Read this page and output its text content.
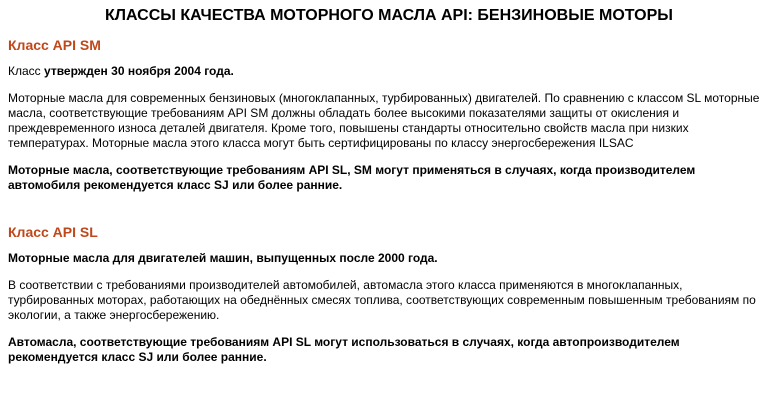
КЛАССЫ КАЧЕСТВА МОТОРНОГО МАСЛА API: БЕНЗИНОВЫЕ МОТОРЫ
Класс API SM

Класс утвержден 30 ноября 2004 года.

Моторные масла для современных бензиновых (многоклапанных, турбированных) двигателей. По сравнению с классом SL моторные масла, соответствующие требованиям API SM должны обладать более высокими показателями защиты от окисления и преждевременного износа деталей двигателя. Кроме того, повышены стандарты относительно свойств масла при низких температурах. Моторные масла этого класса могут быть сертифицированы по классу энергосбережения ILSAC

Моторные масла, соответствующие требованиям API SL, SM могут применяться в случаях, когда производителем автомобиля рекомендуется класс SJ или более ранние.

Класс API SL

Моторные масла для двигателей машин, выпущенных после 2000 года.

В соответствии с требованиями производителей автомобилей, автомасла этого класса применяются в многоклапанных, турбированных моторах, работающих на обеднённых смесях топлива, соответствующих современным повышенным требованиям по экологии, а также энергосбережению.

Автомасла, соответствующие требованиям API SL могут использоваться в случаях, когда автопроизводителем рекомендуется класс SJ или более ранние.
